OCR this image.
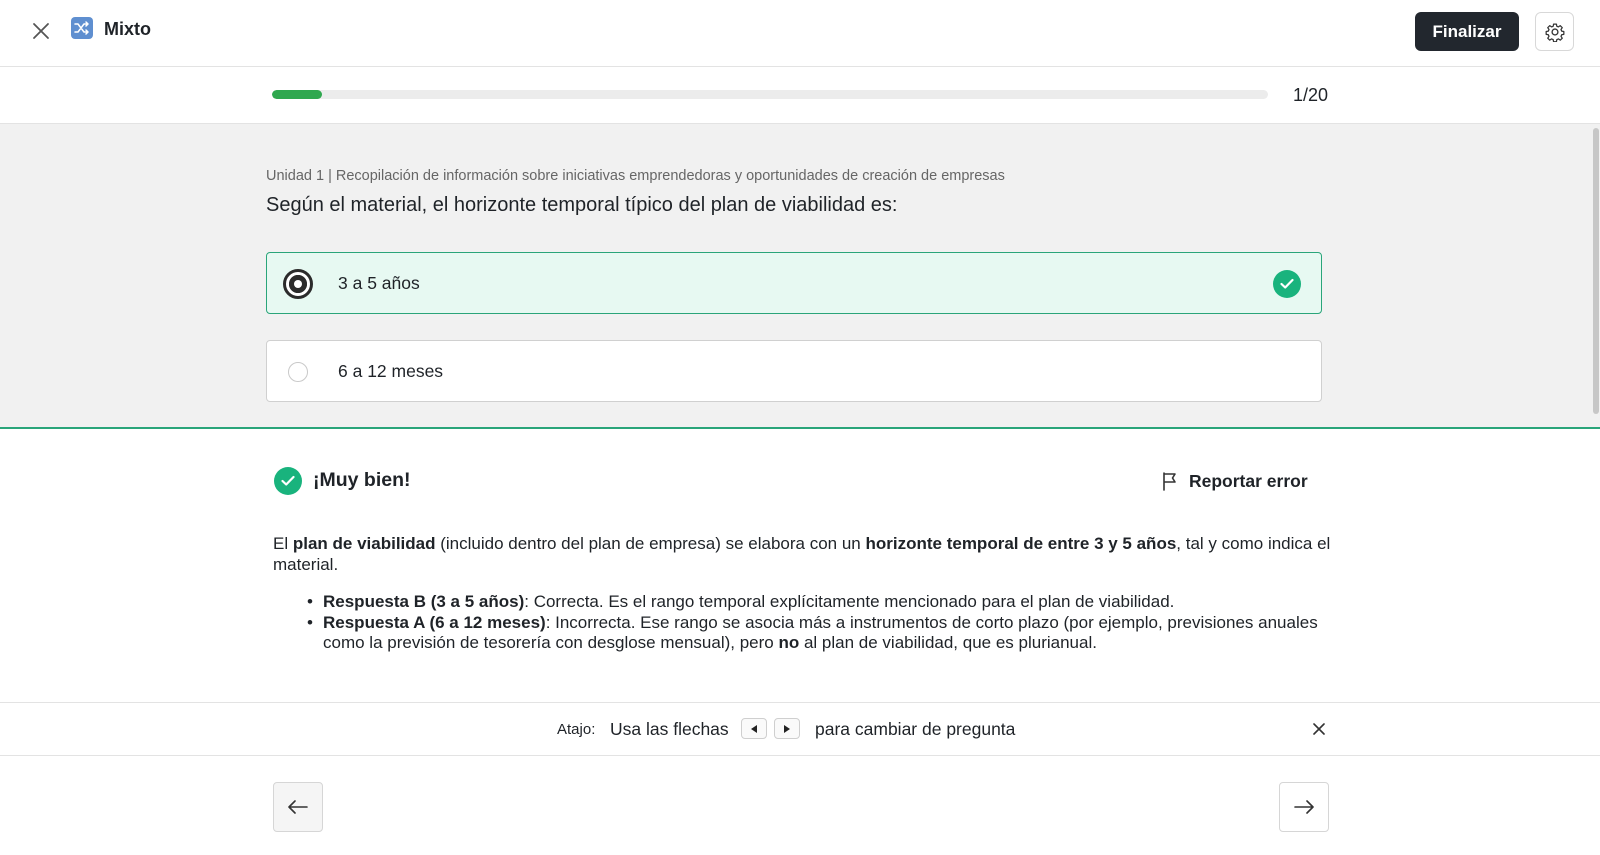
Mixto	Finalizar
1/20
Unidad 1 | Recopilación de información sobre iniciativas emprendedoras y oportunidades de creación de empresas
Según el material, el horizonte temporal típico del plan de viabilidad es:
3 a 5 años
6 a 12 meses
¡Muy bien!	Reportar error

El plan de viabilidad (incluido dentro del plan de empresa) se elabora con un horizonte temporal de entre 3 y 5 años, tal y como indica el material.

• Respuesta B (3 a 5 años): Correcta. Es el rango temporal explícitamente mencionado para el plan de viabilidad.
• Respuesta A (6 a 12 meses): Incorrecta. Ese rango se asocia más a instrumentos de corto plazo (por ejemplo, previsiones anuales como la previsión de tesorería con desglose mensual), pero no al plan de viabilidad, que es plurianual.
Atajo: Usa las flechas	para cambiar de pregunta
